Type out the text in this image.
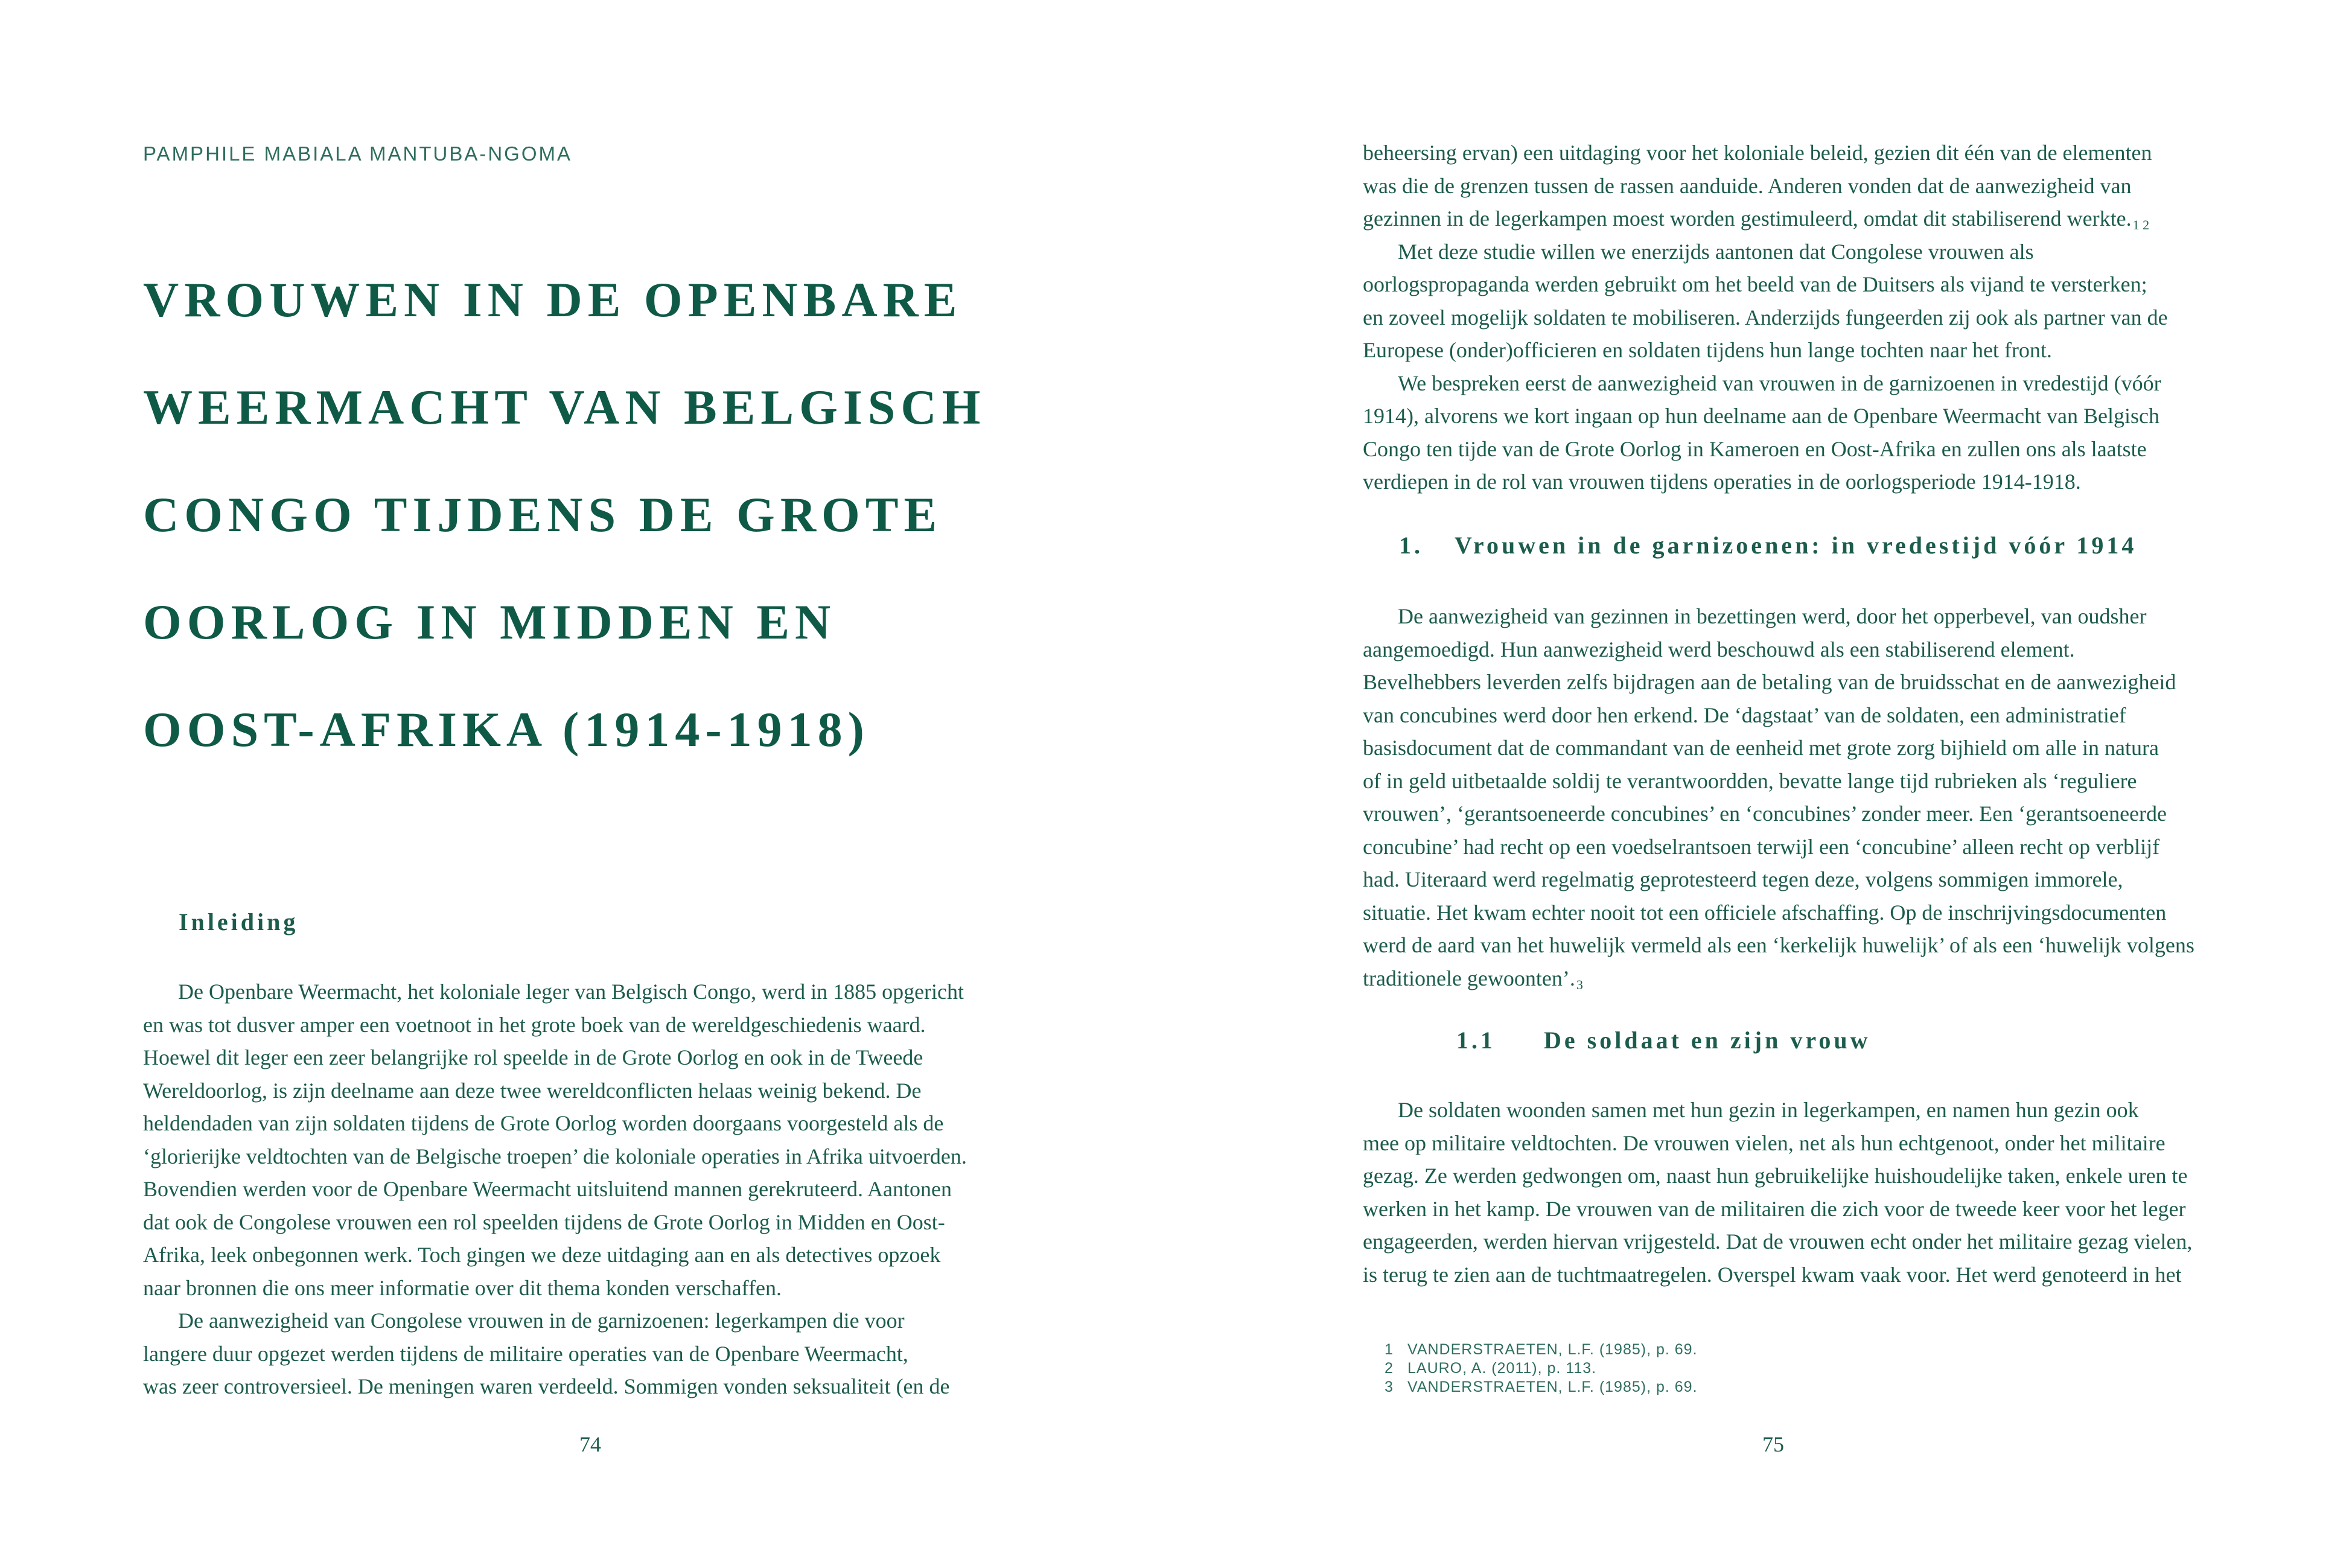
PAMPHILE MABIALA MANTUBA-NGOMA
VROUWEN IN DE OPENBARE
WEERMACHT VAN BELGISCH
CONGO TIJDENS DE GROTE
OORLOG IN MIDDEN EN
OOST-AFRIKA (1914-1918)
Inleiding
De Openbare Weermacht, het koloniale leger van Belgisch Congo, werd in 1885 opgericht
en was tot dusver amper een voetnoot in het grote boek van de wereldgeschiedenis waard.
Hoewel dit leger een zeer belangrijke rol speelde in de Grote Oorlog en ook in de Tweede
Wereldoorlog, is zijn deelname aan deze twee wereldconflicten helaas weinig bekend. De
heldendaden van zijn soldaten tijdens de Grote Oorlog worden doorgaans voorgesteld als de
‘glorierijke veldtochten van de Belgische troepen’ die koloniale operaties in Afrika uitvoerden.
Bovendien werden voor de Openbare Weermacht uitsluitend mannen gerekruteerd. Aantonen
dat ook de Congolese vrouwen een rol speelden tijdens de Grote Oorlog in Midden en Oost-
Afrika, leek onbegonnen werk. Toch gingen we deze uitdaging aan en als detectives opzoek
naar bronnen die ons meer informatie over dit thema konden verschaffen.
De aanwezigheid van Congolese vrouwen in de garnizoenen: legerkampen die voor
langere duur opgezet werden tijdens de militaire operaties van de Openbare Weermacht,
was zeer controversieel. De meningen waren verdeeld. Sommigen vonden seksualiteit (en de
74
beheersing ervan) een uitdaging voor het koloniale beleid, gezien dit één van de elementen
was die de grenzen tussen de rassen aanduide. Anderen vonden dat de aanwezigheid van
gezinnen in de legerkampen moest worden gestimuleerd, omdat dit stabiliserend $werkte._{1 2}$
Met deze studie willen we enerzijds aantonen dat Congolese vrouwen als
oorlogspropaganda werden gebruikt om het beeld van de Duitsers als vijand te versterken;
en zoveel mogelijk soldaten te mobiliseren. Anderzijds fungeerden zij ook als partner van de
Europese (onder)officieren en soldaten tijdens hun lange tochten naar het front.
We bespreken eerst de aanwezigheid van vrouwen in de garnizoenen in vredestijd (vóór
1914), alvorens we kort ingaan op hun deelname aan de Openbare Weermacht van Belgisch
Congo ten tijde van de Grote Oorlog in Kameroen en Oost-Afrika en zullen ons als laatste
verdiepen in de rol van vrouwen tijdens operaties in de oorlogsperiode 1914-1918.
1. Vrouwen in de garnizoenen: in vredestijd vóór 1914
De aanwezigheid van gezinnen in bezettingen werd, door het opperbevel, van oudsher
aangemoedigd. Hun aanwezigheid werd beschouwd als een stabiliserend element.
Bevelhebbers leverden zelfs bijdragen aan de betaling van de bruidsschat en de aanwezigheid
van concubines werd door hen erkend. De ‘dagstaat’ van de soldaten, een administratief
basisdocument dat de commandant van de eenheid met grote zorg bijhield om alle in natura
of in geld uitbetaalde soldij te verantwoordden, bevatte lange tijd rubrieken als ‘reguliere
vrouwen’, ‘gerantsoeneerde concubines’ en ‘concubines’ zonder meer. Een ‘gerantsoeneerde
concubine’ had recht op een voedselrantsoen terwijl een ‘concubine’ alleen recht op verblijf
had. Uiteraard werd regelmatig geprotesteerd tegen deze, volgens sommigen immorele,
situatie. Het kwam echter nooit tot een officiele afschaffing. Op de inschrijvingsdocumenten
werd de aard van het huwelijk vermeld als een ‘kerkelijk huwelijk’ of als een ‘huwelijk volgens
traditionele $gewoonten’._3$
1.1 De soldaat en zijn vrouw
De soldaten woonden samen met hun gezin in legerkampen, en namen hun gezin ook
mee op militaire veldtochten. De vrouwen vielen, net als hun echtgenoot, onder het militaire
gezag. Ze werden gedwongen om, naast hun gebruikelijke huishoudelijke taken, enkele uren te
werken in het kamp. De vrouwen van de militairen die zich voor de tweede keer voor het leger
engageerden, werden hiervan vrijgesteld. Dat de vrouwen echt onder het militaire gezag vielen,
is terug te zien aan de tuchtmaatregelen. Overspel kwam vaak voor. Het werd genoteerd in het
75
1 VANDERSTRAETEN, L.F. (1985), p. 69.
2 LAURO, A. (2011), p. 113.
3 VANDERSTRAETEN, L.F. (1985), p. 69.
